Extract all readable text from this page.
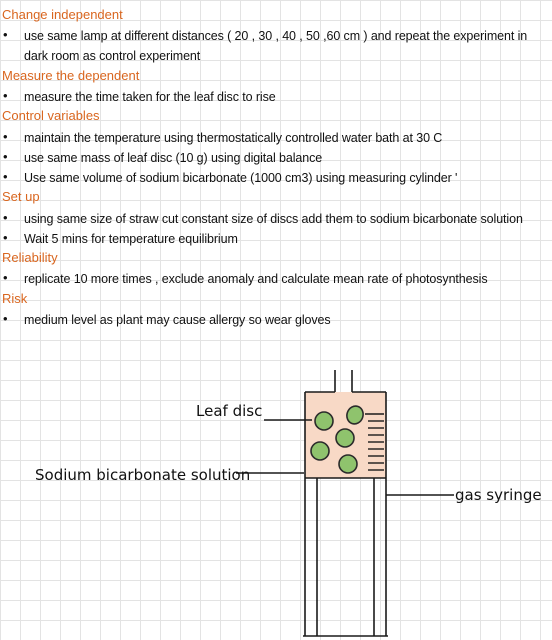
Change independent
• use same lamp at different distances ( 20 , 30 , 40 , 50 ,60 cm ) and repeat the experiment in dark room as control experiment
Measure the dependent
• measure the time taken for the leaf disc to rise
Control variables
• maintain the temperature using thermostatically controlled water bath at 30 C
• use same mass of leaf disc (10 g) using digital balance
• Use same volume of sodium bicarbonate (1000 cm3) using measuring cylinder '
Set up
• using same size of straw cut constant size of discs add them to sodium bicarbonate solution
• Wait 5 mins for temperature equilibrium
Reliability
• replicate 10 more times , exclude anomaly and calculate mean rate of photosynthesis
Risk
• medium level as plant may cause allergy so wear gloves
Leaf disc
Sodium bicarbonate solution
gas syringe
